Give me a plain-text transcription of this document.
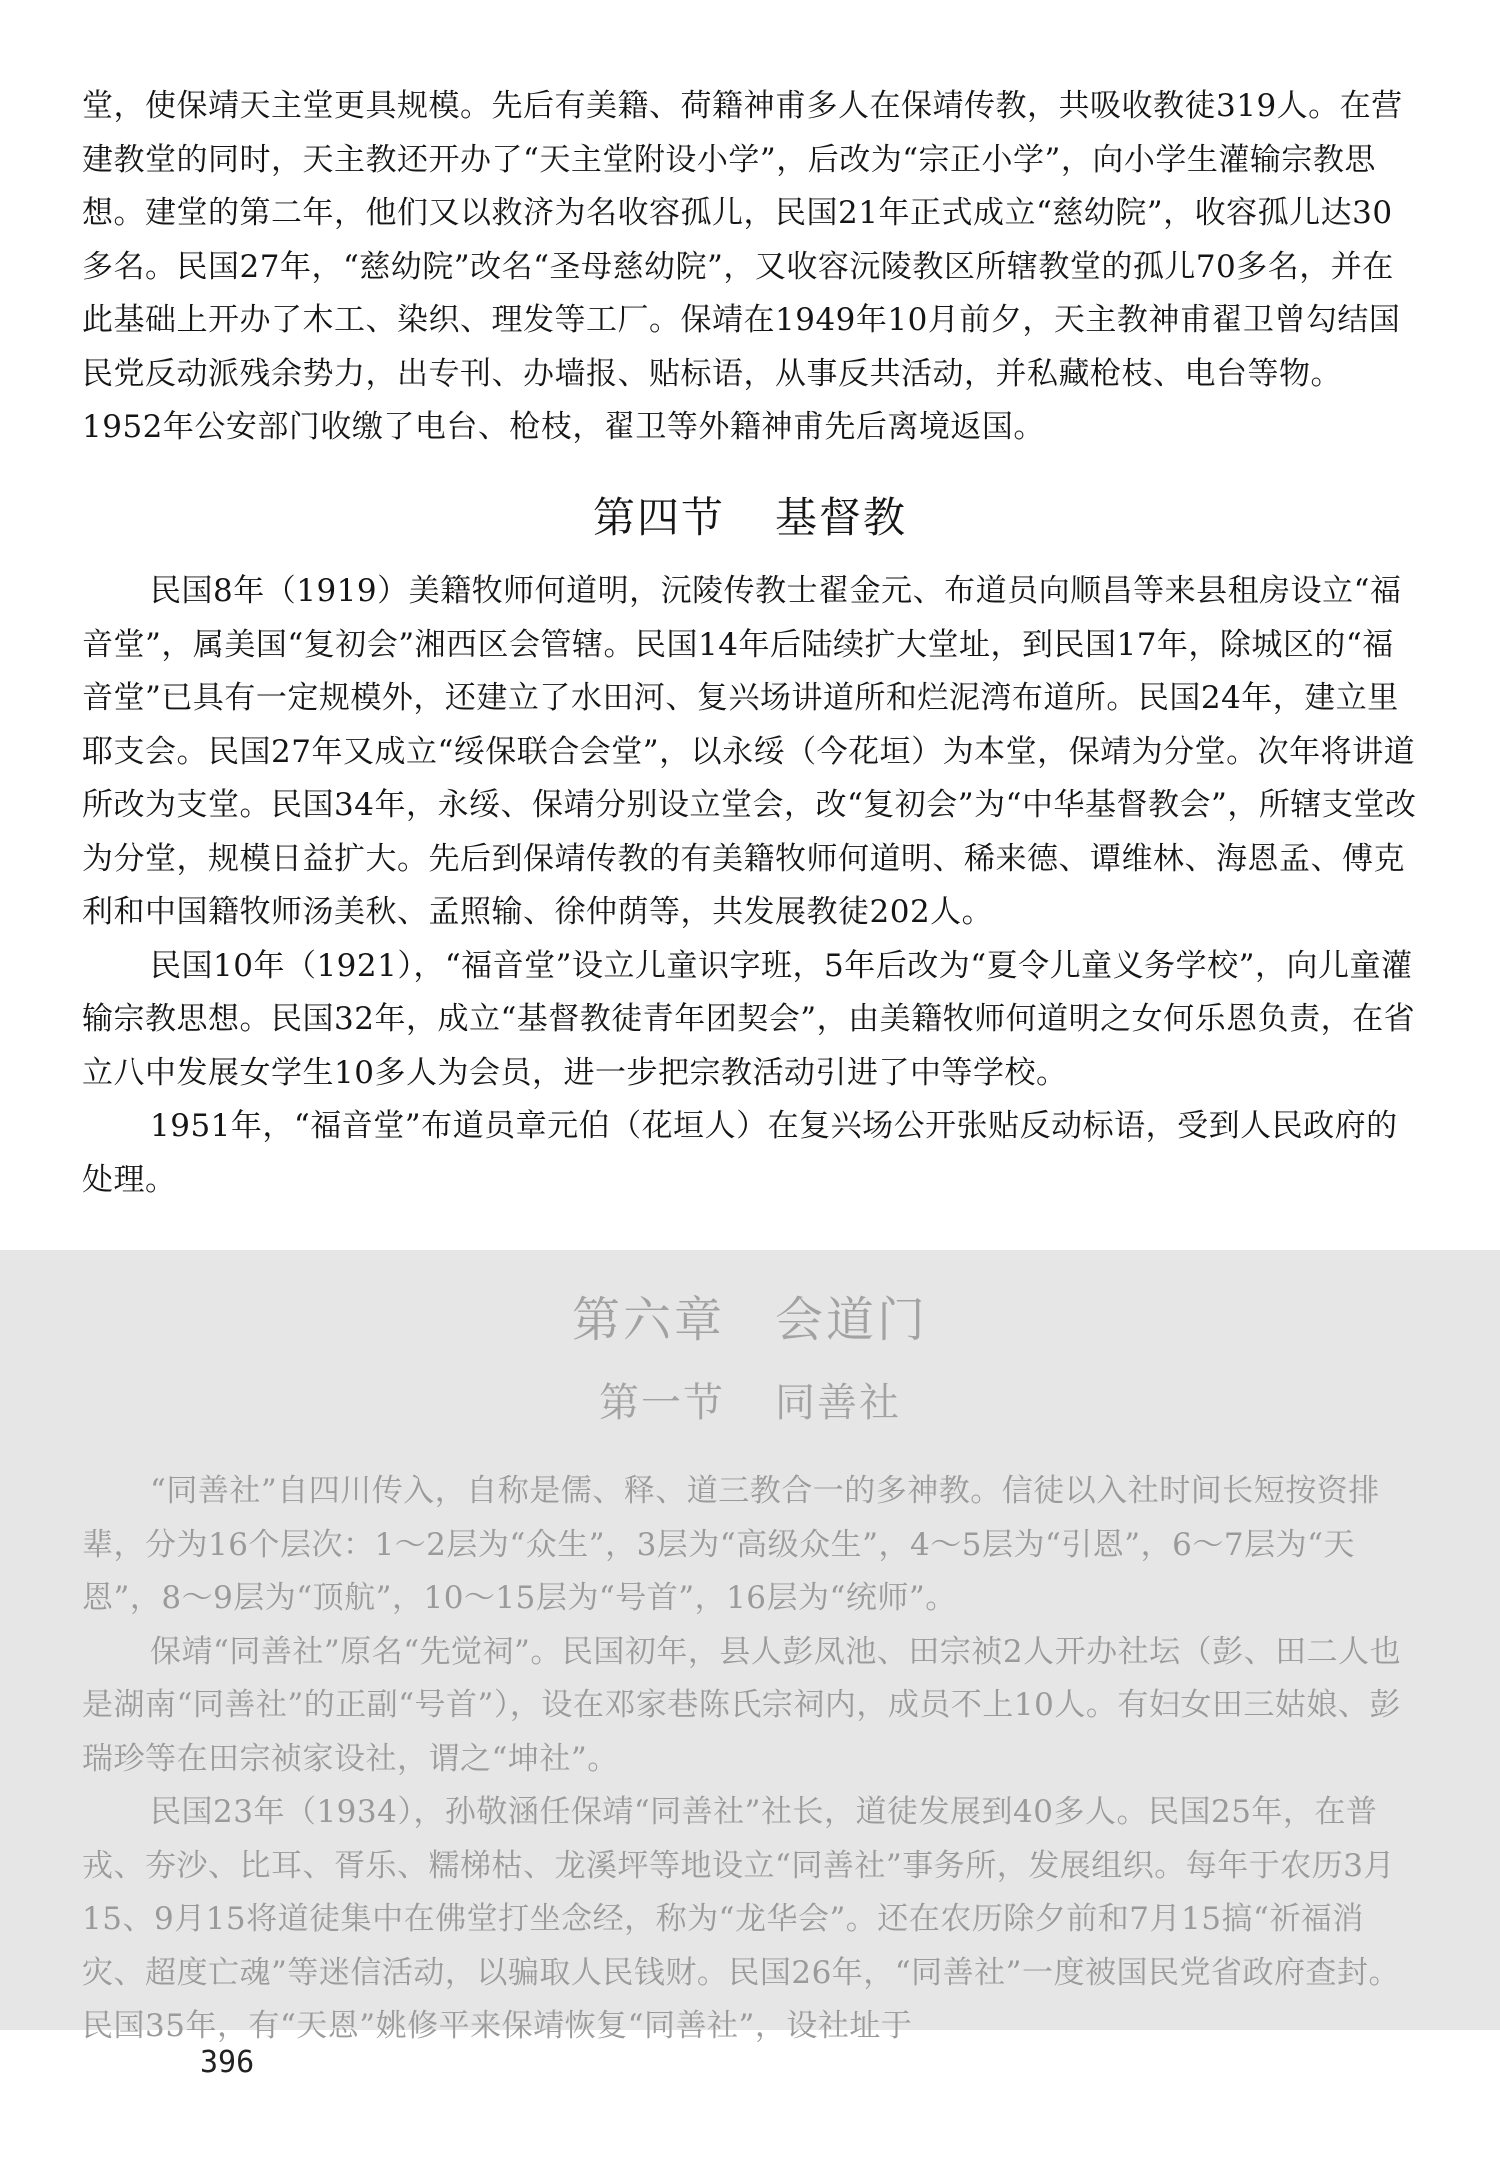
堂，使保靖天主堂更具规模。先后有美籍、荷籍神甫多人在保靖传教，共吸收教徒319人。在营建教堂的同时，天主教还开办了“天主堂附设小学”，后改为“宗正小学”，向小学生灌输宗教思想。建堂的第二年，他们又以救济为名收容孤儿，民国21年正式成立“慈幼院”，收容孤儿达30多名。民国27年，“慈幼院”改名“圣母慈幼院”，又收容沅陵教区所辖教堂的孤儿70多名，并在此基础上开办了木工、染织、理发等工厂。保靖在1949年10月前夕，天主教神甫翟卫曾勾结国民党反动派残余势力，出专刊、办墙报、贴标语，从事反共活动，并私藏枪枝、电台等物。1952年公安部门收缴了电台、枪枝，翟卫等外籍神甫先后离境返国。

第四节 基督教

民国8年（1919）美籍牧师何道明，沅陵传教士翟金元、布道员向顺昌等来县租房设立“福音堂”，属美国“复初会”湘西区会管辖。民国14年后陆续扩大堂址，到民国17年，除城区的“福音堂”已具有一定规模外，还建立了水田河、复兴场讲道所和烂泥湾布道所。民国24年，建立里耶支会。民国27年又成立“绥保联合会堂”，以永绥（今花垣）为本堂，保靖为分堂。次年将讲道所改为支堂。民国34年，永绥、保靖分别设立堂会，改“复初会”为“中华基督教会”，所辖支堂改为分堂，规模日益扩大。先后到保靖传教的有美籍牧师何道明、稀来德、谭维林、海恩孟、傅克利和中国籍牧师汤美秋、孟照输、徐仲荫等，共发展教徒202人。

民国10年（1921），“福音堂”设立儿童识字班，5年后改为“夏令儿童义务学校”，向儿童灌输宗教思想。民国32年，成立“基督教徒青年团契会”，由美籍牧师何道明之女何乐恩负责，在省立八中发展女学生10多人为会员，进一步把宗教活动引进了中等学校。

1951年，“福音堂”布道员章元伯（花垣人）在复兴场公开张贴反动标语，受到人民政府的处理。

第六章 会道门
第一节 同善社

“同善社”自四川传入，自称是儒、释、道三教合一的多神教。信徒以入社时间长短按资排辈，分为16个层次：1～2层为“众生”，3层为“高级众生”，4～5层为“引恩”，6～7层为“天恩”，8～9层为“顶航”，10～15层为“号首”，16层为“统师”。

保靖“同善社”原名“先觉祠”。民国初年，县人彭凤池、田宗祯2人开办社坛（彭、田二人也是湖南“同善社”的正副“号首”），设在邓家巷陈氏宗祠内，成员不上10人。有妇女田三姑娘、彭瑞珍等在田宗祯家设社，谓之“坤社”。

民国23年（1934），孙敬涵任保靖“同善社”社长，道徒发展到40多人。民国25年，在普戎、夯沙、比耳、胥乐、糯梯枯、龙溪坪等地设立“同善社”事务所，发展组织。每年于农历3月15、9月15将道徒集中在佛堂打坐念经，称为“龙华会”。还在农历除夕前和7月15搞“祈福消灾、超度亡魂”等迷信活动，以骗取人民钱财。民国26年，“同善社”一度被国民党省政府查封。民国35年，有“天恩”姚修平来保靖恢复“同善社”，设社址于

396
